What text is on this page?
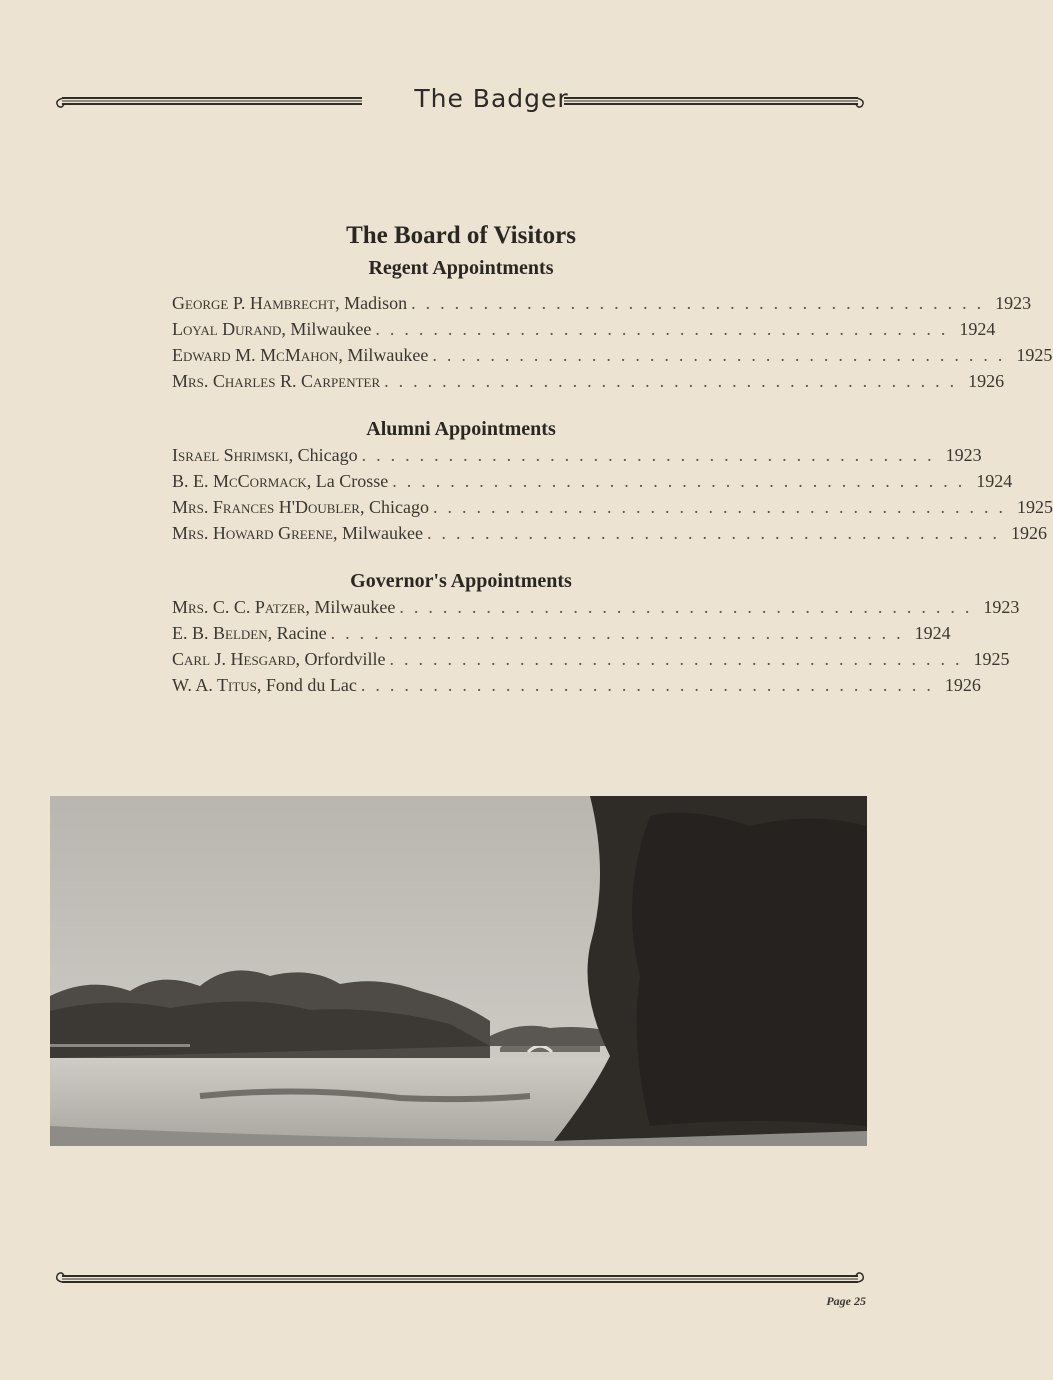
The Badger
The Board of Visitors
Regent Appointments
George P. Hambrecht, Madison ........................................ 1923
Loyal Durand, Milwaukee ........................................ 1924
Edward M. McMahon, Milwaukee ........................................ 1925
Mrs. Charles R. Carpenter ........................................ 1926
Alumni Appointments
Israel Shrimski, Chicago ........................................ 1923
B. E. McCormack, La Crosse ........................................ 1924
Mrs. Frances H'Doubler, Chicago ........................................ 1925
Mrs. Howard Greene, Milwaukee ........................................ 1926
Governor's Appointments
Mrs. C. C. Patzer, Milwaukee ........................................ 1923
E. B. Belden, Racine ........................................ 1924
Carl J. Hesgard, Orfordville ........................................ 1925
W. A. Titus, Fond du Lac ........................................ 1926
Page 25
